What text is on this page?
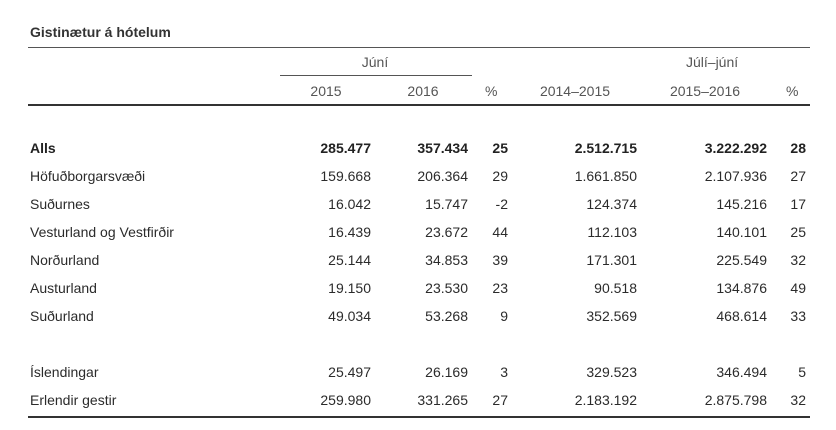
Gistinætur á hótelum
Júní	Júlí–júní
2015	2016	%	2014–2015	2015–2016	%
Alls	285.477	357.434	25	2.512.715	3.222.292	28
Höfuðborgarsvæði	159.668	206.364	29	1.661.850	2.107.936	27
Suðurnes	16.042	15.747	-2	124.374	145.216	17
Vesturland og Vestfirðir	16.439	23.672	44	112.103	140.101	25
Norðurland	25.144	34.853	39	171.301	225.549	32
Austurland	19.150	23.530	23	90.518	134.876	49
Suðurland	49.034	53.268	9	352.569	468.614	33
Íslendingar	25.497	26.169	3	329.523	346.494	5
Erlendir gestir	259.980	331.265	27	2.183.192	2.875.798	32
